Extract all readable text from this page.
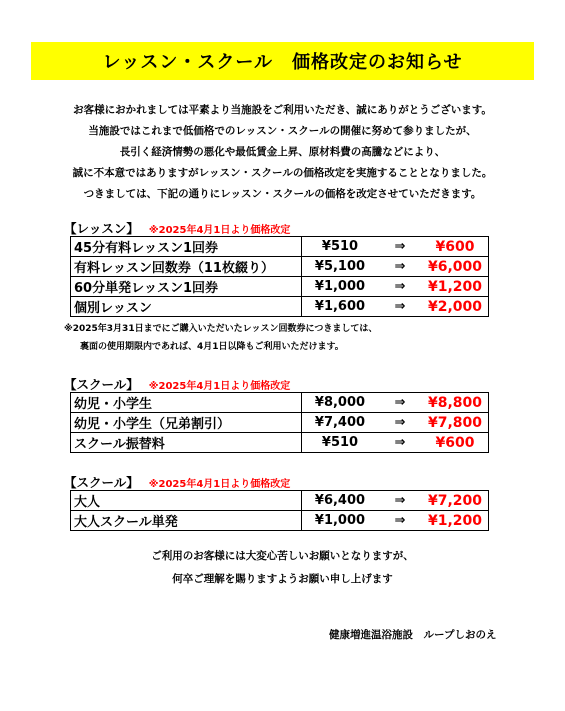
レッスン・スクール　価格改定のお知らせ
お客様におかれましては平素より当施設をご利用いただき、誠にありがとうございます。
当施設ではこれまで低価格でのレッスン・スクールの開催に努めて参りましたが、
長引く経済情勢の悪化や最低賃金上昇、原材料費の高騰などにより、
誠に不本意ではありますがレッスン・スクールの価格改定を実施することとなりました。
つきましては、下記の通りにレッスン・スクールの価格を改定させていただきます。
【レッスン】 ※2025年4月1日より価格改定
45分有料レッスン1回券	¥510 ⇒ ¥600

有料レッスン回数券（11枚綴り）	¥5,100 ⇒ ¥6,000

60分単発レッスン1回券	¥1,000 ⇒ ¥1,200

個別レッスン	¥1,600 ⇒ ¥2,000
※2025年3月31日までにご購入いただいたレッスン回数券につきましては、
裏面の使用期限内であれば、4月1日以降もご利用いただけます。
【スクール】 ※2025年4月1日より価格改定
幼児・小学生	¥8,000 ⇒ ¥8,800

幼児・小学生（兄弟割引）	¥7,400 ⇒ ¥7,800

スクール振替料	¥510 ⇒ ¥600
【スクール】 ※2025年4月1日より価格改定
大人	¥6,400 ⇒ ¥7,200

大人スクール単発	¥1,000 ⇒ ¥1,200
ご利用のお客様には大変心苦しいお願いとなりますが、
何卒ご理解を賜りますようお願い申し上げます
健康増進温浴施設　ループしおのえ
